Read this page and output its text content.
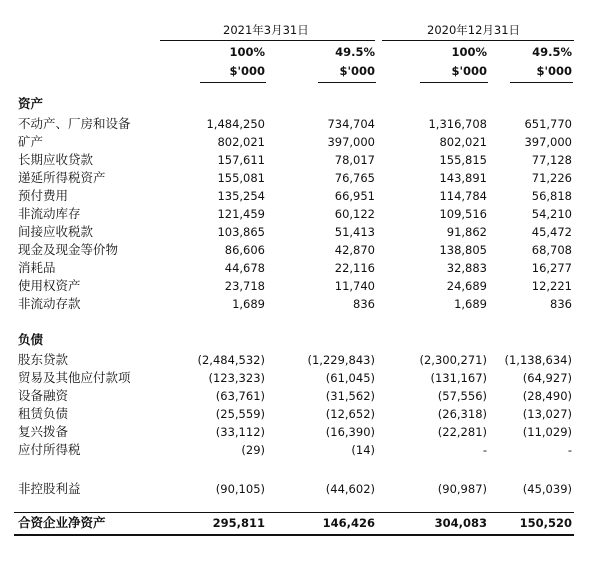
2021年3月31日	2020年12月31日
100%	49.5%	100%	49.5%
$'000	$'000	$'000	$'000
资产
不动产、厂房和设备	1,484,250	734,704	1,316,708	651,770
矿产	802,021	397,000	802,021	397,000
长期应收贷款	157,611	78,017	155,815	77,128
递延所得税资产	155,081	76,765	143,891	71,226
预付费用	135,254	66,951	114,784	56,818
非流动库存	121,459	60,122	109,516	54,210
间接应收税款	103,865	51,413	91,862	45,472
现金及现金等价物	86,606	42,870	138,805	68,708
消耗品	44,678	22,116	32,883	16,277
使用权资产	23,718	11,740	24,689	12,221
非流动存款	1,689	836	1,689	836
负债
股东贷款	(2,484,532)	(1,229,843)	(2,300,271) (1,138,634)
贸易及其他应付款项	(123,323)	(61,045)	(131,167)	(64,927)
设备融资	(63,761)	(31,562)	(57,556)	(28,490)
租赁负债	(25,559)	(12,652)	(26,318)	(13,027)
复兴拨备	(33,112)	(16,390)	(22,281)	(11,029)
应付所得税	(29)	(14)	-	-
非控股利益	(90,105)	(44,602)	(90,987)	(45,039)
合资企业净资产	295,811	146,426	304,083	150,520
